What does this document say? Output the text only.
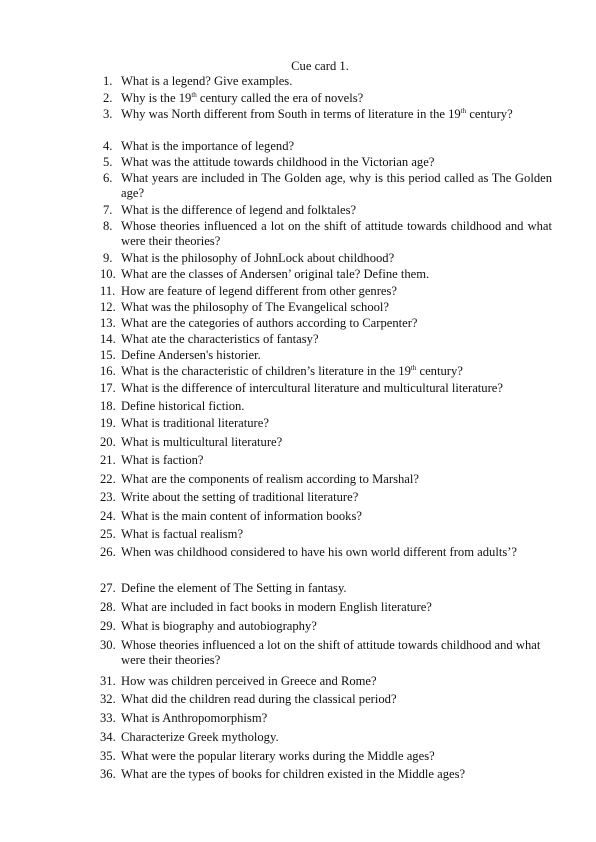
Cue card 1.
1. What is a legend? Give examples.
2. Why is the 19th century called the era of novels?
3. Why was North different from South in terms of literature in the 19th century?
4. What is the importance of legend?
5. What was the attitude towards childhood in the Victorian age?
6. What years are included in The Golden age, why is this period called as The Golden age?
7. What is the difference of legend and folktales?
8. Whose theories influenced a lot on the shift of attitude towards childhood and what were their theories?
9. What is the philosophy of JohnLock about childhood?
10. What are the classes of Andersen’ original tale? Define them.
11. How are feature of legend different from other genres?
12. What was the philosophy of The Evangelical school?
13. What are the categories of authors according to Carpenter?
14. What ate the characteristics of fantasy?
15. Define Andersen's historier.
16. What is the characteristic of children’s literature in the 19th century?
17. What is the difference of intercultural literature and multicultural literature?
18. Define historical fiction.
19. What is traditional literature?
20. What is multicultural literature?
21. What is faction?
22. What are the components of realism according to Marshal?
23. Write about the setting of traditional literature?
24. What is the main content of information books?
25. What is factual realism?
26. When was childhood considered to have his own world different from adults’?
27. Define the element of The Setting in fantasy.
28. What are included in fact books in modern English literature?
29. What is biography and autobiography?
30. Whose theories influenced a lot on the shift of attitude towards childhood and what were their theories?
31. How was children perceived in Greece and Rome?
32. What did the children read during the classical period?
33. What is Anthropomorphism?
34. Characterize Greek mythology.
35. What were the popular literary works during the Middle ages?
36. What are the types of books for children existed in the Middle ages?
